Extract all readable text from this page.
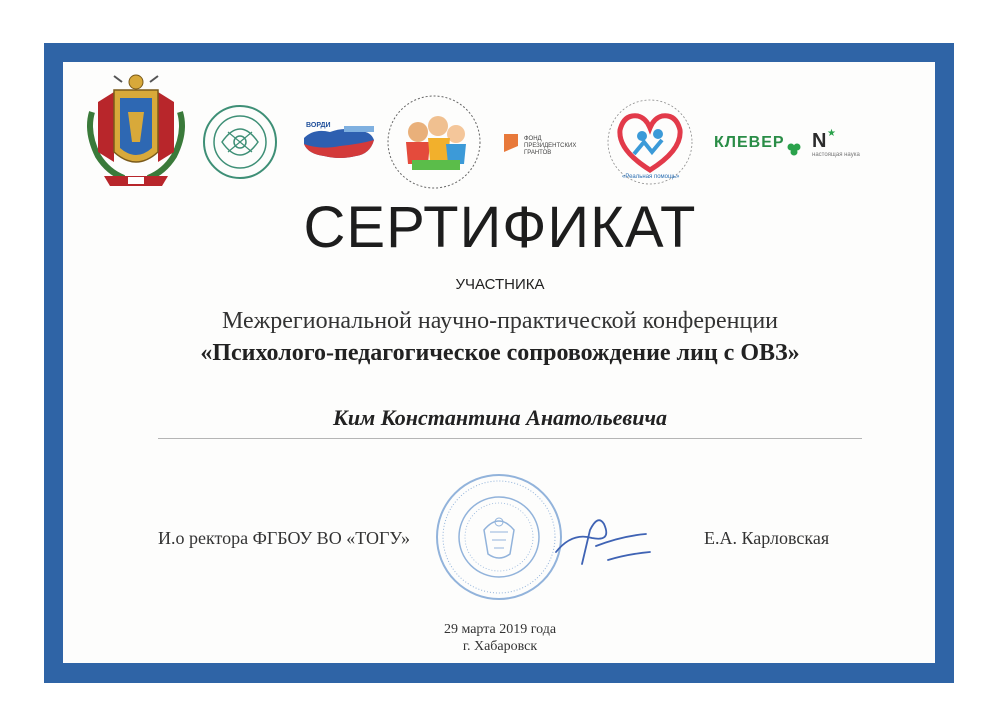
ВОРДИ
ФОНД
ПРЕЗИДЕНТСКИХ
ГРАНТОВ
«Реальная помощь»
КЛЕВЕР N ★
настоящая наука
СЕРТИФИКАТ
УЧАСТНИКА
Межрегиональной научно-практической конференции
«Психолого-педагогическое сопровождение лиц с ОВЗ»
Ким Константина Анатольевича
И.о ректора ФГБОУ ВО «ТОГУ»	Е.А. Карловская
29 марта 2019 года
г. Хабаровск
